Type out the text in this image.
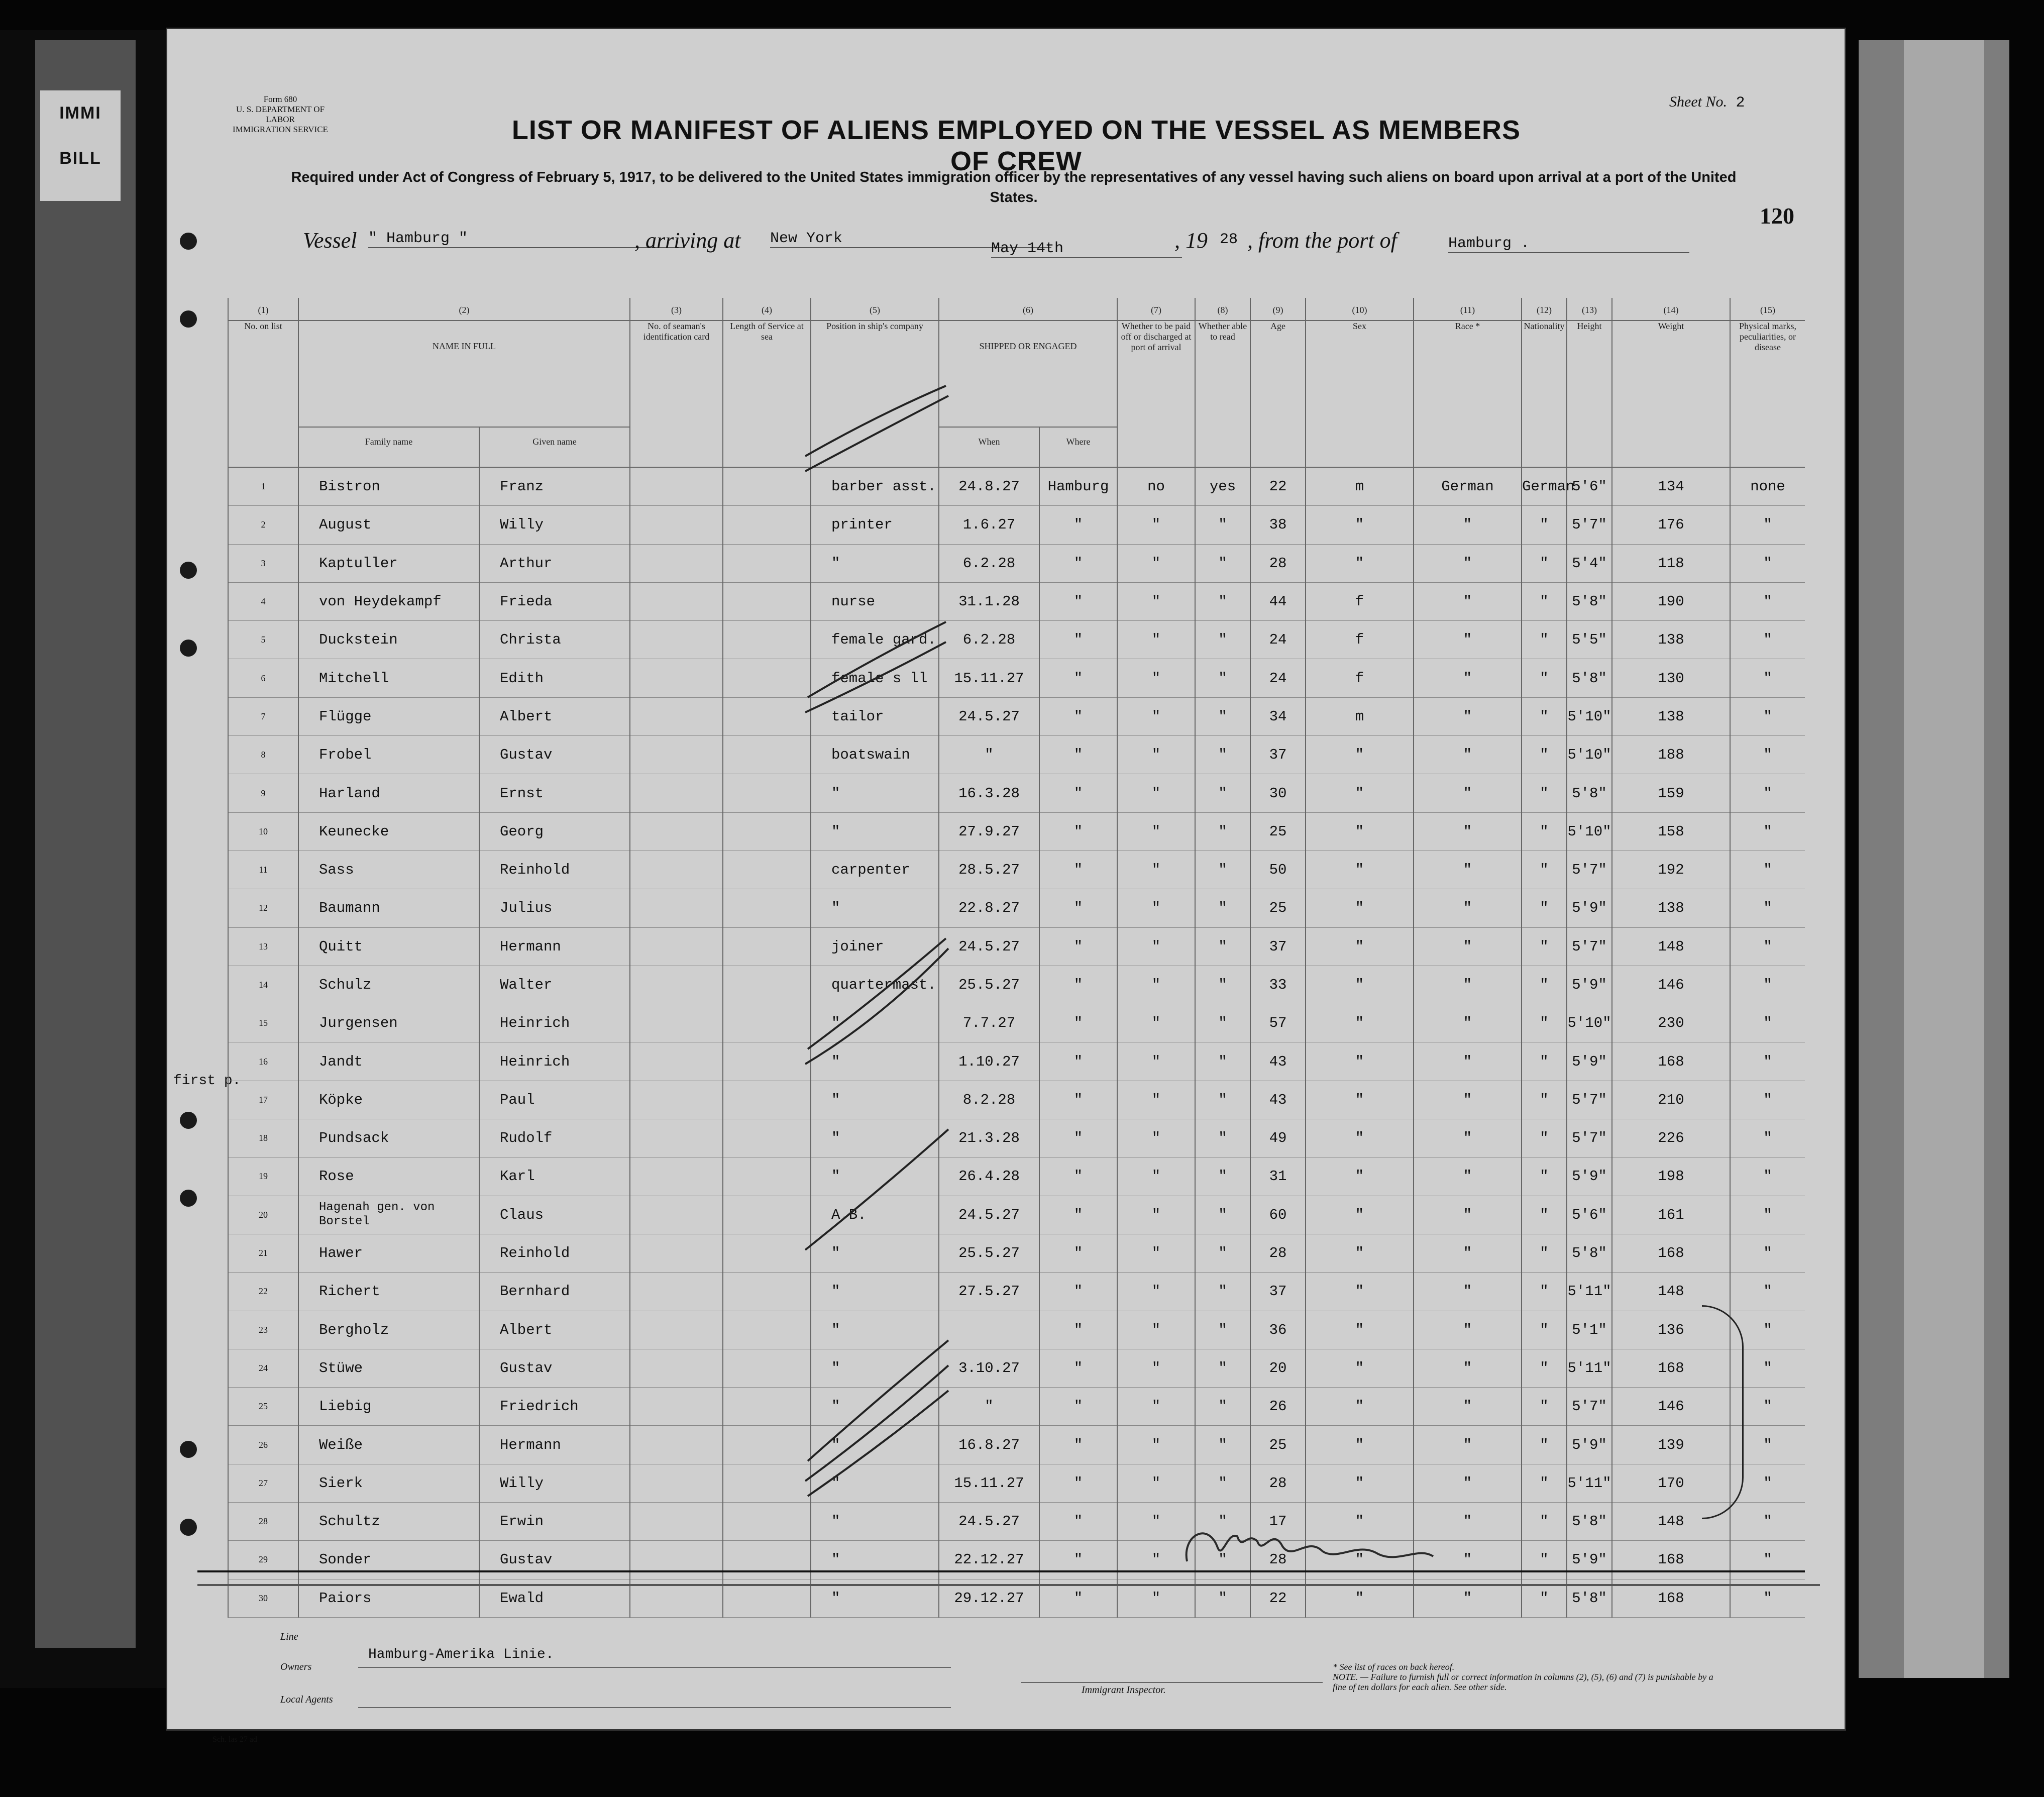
IMMI BILL
Form 680
U. S. DEPARTMENT OF LABOR
IMMIGRATION SERVICE
Sheet No. 2
LIST OR MANIFEST OF ALIENS EMPLOYED ON THE VESSEL AS MEMBERS OF CREW
Required under Act of Congress of February 5, 1917, to be delivered to the United States immigration officer by the representatives of any vessel having such aliens on board upon arrival at a port of the United States.
120
Vessel " Hamburg "	, arriving at New York
May 14th	, 19 28 , from the port of	Hamburg .
first p.
(1)	(2)		(3)	(4)	(5)	(6)		(7)	(8)	(9)	(10)	(11)	(12)	(13)	(14)	(15)
No. on list	NAME IN FULL		No. of seaman's identification card	Length of Service at sea	Position in ship's company	SHIPPED OR ENGAGED		Whether to be paid off or discharged at port of arrival	Whether able to read	Age	Sex	Race *	Nationality	Height	Weight	Physical marks, peculiarities, or disease
	Family name	Given name				When	Where									
1	Bistron	Franz			barber asst.	24.8.27	Hamburg	no	yes	22	m	German	German	5'6"	134	none
2	August	Willy			printer	1.6.27	"	"	"	38	"	"	"	5'7"	176	"
3	Kaptuller	Arthur			"	6.2.28	"	"	"	28	"	"	"	5'4"	118	"
4	von Heydekampf	Frieda			nurse	31.1.28	"	"	"	44	f	"	"	5'8"	190	"
5	Duckstein	Christa			female gard.	6.2.28	"	"	"	24	f	"	"	5'5"	138	"
6	Mitchell	Edith			female s ll	15.11.27	"	"	"	24	f	"	"	5'8"	130	"
7	Flügge	Albert			tailor	24.5.27	"	"	"	34	m	"	"	5'10"	138	"
8	Frobel	Gustav			boatswain	"	"	"	"	37	"	"	"	5'10"	188	"
9	Harland	Ernst			"	16.3.28	"	"	"	30	"	"	"	5'8"	159	"
10	Keunecke	Georg			"	27.9.27	"	"	"	25	"	"	"	5'10"	158	"
11	Sass	Reinhold			carpenter	28.5.27	"	"	"	50	"	"	"	5'7"	192	"
12	Baumann	Julius			"	22.8.27	"	"	"	25	"	"	"	5'9"	138	"
13	Quitt	Hermann			joiner	24.5.27	"	"	"	37	"	"	"	5'7"	148	"
14	Schulz	Walter			quartermast.	25.5.27	"	"	"	33	"	"	"	5'9"	146	"
15	Jurgensen	Heinrich			"	7.7.27	"	"	"	57	"	"	"	5'10"	230	"
16	Jandt	Heinrich			"	1.10.27	"	"	"	43	"	"	"	5'9"	168	"
17	Köpke	Paul			"	8.2.28	"	"	"	43	"	"	"	5'7"	210	"
18	Pundsack	Rudolf			"	21.3.28	"	"	"	49	"	"	"	5'7"	226	"
19	Rose	Karl			"	26.4.28	"	"	"	31	"	"	"	5'9"	198	"
20	Hagenah gen. von Borstel	Claus			A.B.	24.5.27	"	"	"	60	"	"	"	5'6"	161	"
21	Hawer	Reinhold			"	25.5.27	"	"	"	28	"	"	"	5'8"	168	"
22	Richert	Bernhard			"	27.5.27	"	"	"	37	"	"	"	5'11"	148	"
23	Bergholz	Albert			"		"	"	"	36	"	"	"	5'1"	136	"
24	Stüwe	Gustav			"	3.10.27	"	"	"	20	"	"	"	5'11"	168	"
25	Liebig	Friedrich			"	"	"	"	"	26	"	"	"	5'7"	146	"
26	Weiße	Hermann			"	16.8.27	"	"	"	25	"	"	"	5'9"	139	"
27	Sierk	Willy			"	15.11.27	"	"	"	28	"	"	"	5'11"	170	"
28	Schultz	Erwin			"	24.5.27	"	"	"	17	"	"	"	5'8"	148	"
29	Sonder	Gustav			"	22.12.27	"	"	"	28	"	"	"	5'9"	168	"
30	Paiors	Ewald			"	29.12.27	"	"	"	22	"	"	"	5'8"	168	"
Line
Owners
Hamburg-Amerika Linie.
Local Agents
Immigrant Inspector.
* See list of races on back hereof.
NOTE. — Failure to furnish full or correct information in columns (2), (5), (6) and (7) is punishable by a fine of ten dollars for each alien. See other side.
Sch. las 27 ad
